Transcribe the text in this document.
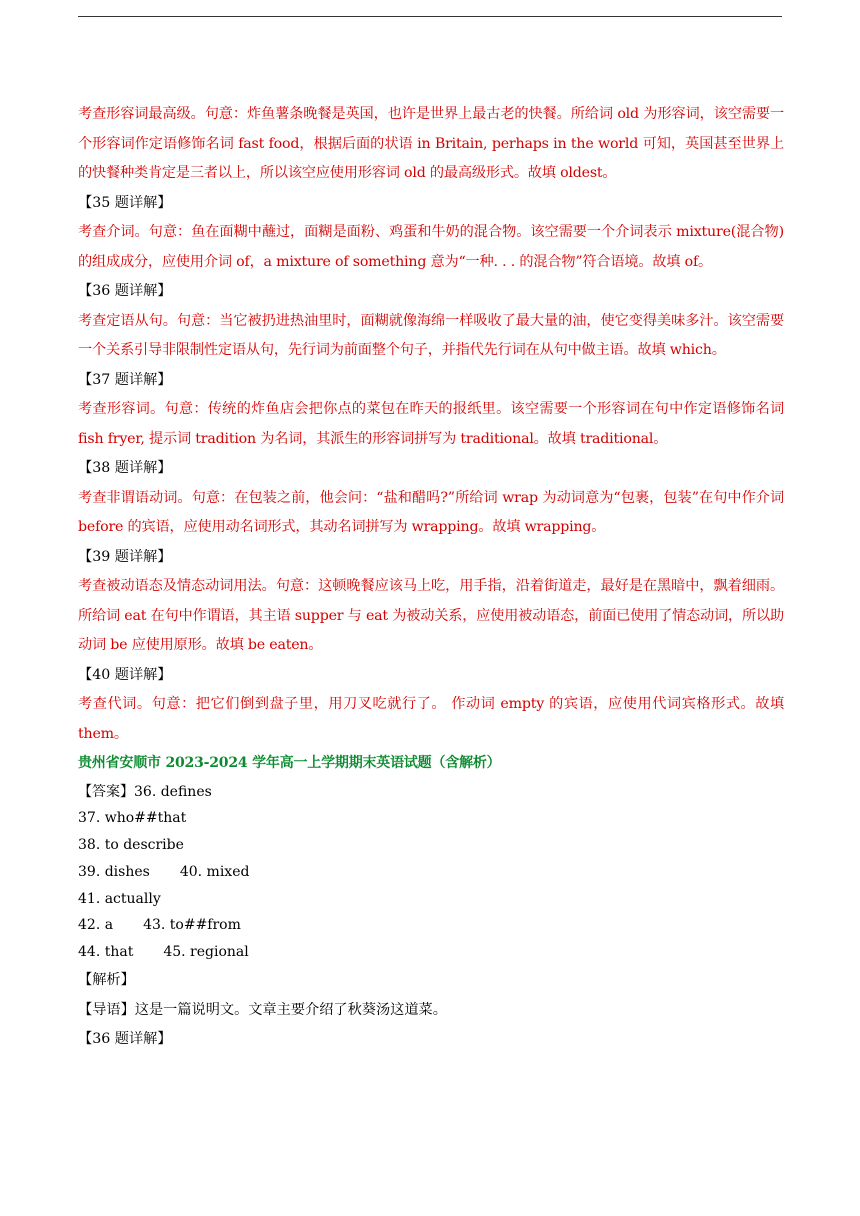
考查形容词最高级。句意：炸鱼薯条晚餐是英国，也许是世界上最古老的快餐。所给词 old 为形容词，该空需要一个形容词作定语修饰名词 fast food，根据后面的状语 in Britain, perhaps in the world 可知，英国甚至世界上的快餐种类肯定是三者以上，所以该空应使用形容词 old 的最高级形式。故填 oldest。

【35 题详解】

考查介词。句意：鱼在面糊中蘸过，面糊是面粉、鸡蛋和牛奶的混合物。该空需要一个介词表示 mixture(混合物)的组成成分，应使用介词 of，a mixture of something 意为“一种. . . 的混合物”符合语境。故填 of。

【36 题详解】

考查定语从句。句意：当它被扔进热油里时，面糊就像海绵一样吸收了最大量的油，使它变得美味多汁。该空需要一个关系引导非限制性定语从句，先行词为前面整个句子，并指代先行词在从句中做主语。故填 which。

【37 题详解】

考查形容词。句意：传统的炸鱼店会把你点的菜包在昨天的报纸里。该空需要一个形容词在句中作定语修饰名词 fish fryer, 提示词 tradition 为名词，其派生的形容词拼写为 traditional。故填 traditional。

【38 题详解】

考查非谓语动词。句意：在包装之前，他会问：“盐和醋吗?”所给词 wrap 为动词意为“包裹，包装”在句中作介词 before 的宾语，应使用动名词形式，其动名词拼写为 wrapping。故填 wrapping。

【39 题详解】

考查被动语态及情态动词用法。句意：这顿晚餐应该马上吃，用手指，沿着街道走，最好是在黑暗中，飘着细雨。所给词 eat 在句中作谓语，其主语 supper 与 eat 为被动关系，应使用被动语态，前面已使用了情态动词，所以助动词 be 应使用原形。故填 be eaten。

【40 题详解】

考查代词。句意：把它们倒到盘子里，用刀叉吃就行了。 作动词 empty 的宾语，应使用代词宾格形式。故填 them。

贵州省安顺市 2023-2024 学年高一上学期期末英语试题（含解析）

【答案】36. defines

37. who##that

38. to describe

39. dishes 40. mixed

41. actually

42. a 43. to##from

44. that 45. regional

【解析】

【导语】这是一篇说明文。文章主要介绍了秋葵汤这道菜。

【36 题详解】
